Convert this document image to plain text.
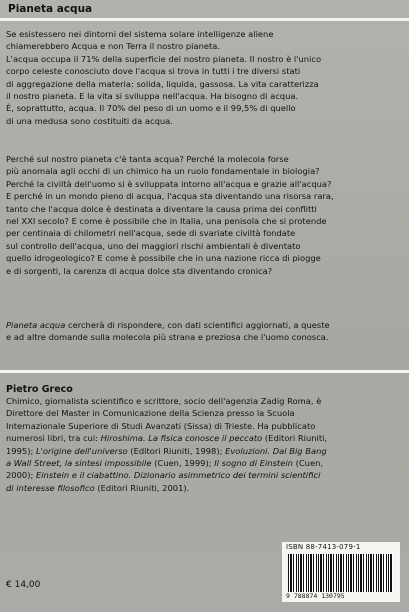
Pianeta acqua

Se esistessero nei dintorni del sistema solare intelligenze aliene

chiamerebbero Acqua e non Terra il nostro pianeta.

L'acqua occupa il 71% della superficie del nostro pianeta. Il nostro è l'unico

corpo celeste conosciuto dove l'acqua si trova in tutti i tre diversi stati

di aggregazione della materia: solida, liquida, gassosa. La vita caratterizza

il nostro pianeta. E la vita si sviluppa nell'acqua. Ha bisogno di acqua.

È, soprattutto, acqua. Il 70% del peso di un uomo e il 99,5% di quello

di una medusa sono costituiti da acqua.

Perché sul nostro pianeta c'è tanta acqua? Perché la molecola forse

più anomala agli occhi di un chimico ha un ruolo fondamentale in biologia?

Perché la civiltà dell'uomo si è sviluppata intorno all'acqua e grazie all'acqua?

E perché in un mondo pieno di acqua, l'acqua sta diventando una risorsa rara,

tanto che l'acqua dolce è destinata a diventare la causa prima dei conflitti

nel XXI secolo? E come è possibile che in Italia, una penisola che si protende

per centinaia di chilometri nell'acqua, sede di svariate civiltà fondate

sul controllo dell'acqua, uno dei maggiori rischi ambientali è diventato

quello idrogeologico? E come è possibile che in una nazione ricca di piogge

e di sorgenti, la carenza di acqua dolce sta diventando cronica?

Pianeta acqua cercherà di rispondere, con dati scientifici aggiornati, a queste

e ad altre domande sulla molecola più strana e preziosa che l'uomo conosca.

Pietro Greco

Chimico, giornalista scientifico e scrittore, socio dell'agenzia Zadig Roma, è

Direttore del Master in Comunicazione della Scienza presso la Scuola

Internazionale Superiore di Studi Avanzati (Sissa) di Trieste. Ha pubblicato

numerosi libri, tra cui: Hiroshima. La fisica conosce il peccato (Editori Riuniti,

1995); L'origine dell'universo (Editori Riuniti, 1998); Evoluzioni. Dal Big Bang

a Wall Street, la sintesi impossibile (Cuen, 1999); Il sogno di Einstein (Cuen,

2000); Einstein e il ciabattino. Dizionario asimmetrico dei termini scientifici

di interesse filosofico (Editori Riuniti, 2001).

ISBN 88-7413-079-1
9 788874 130795
€ 14,00
